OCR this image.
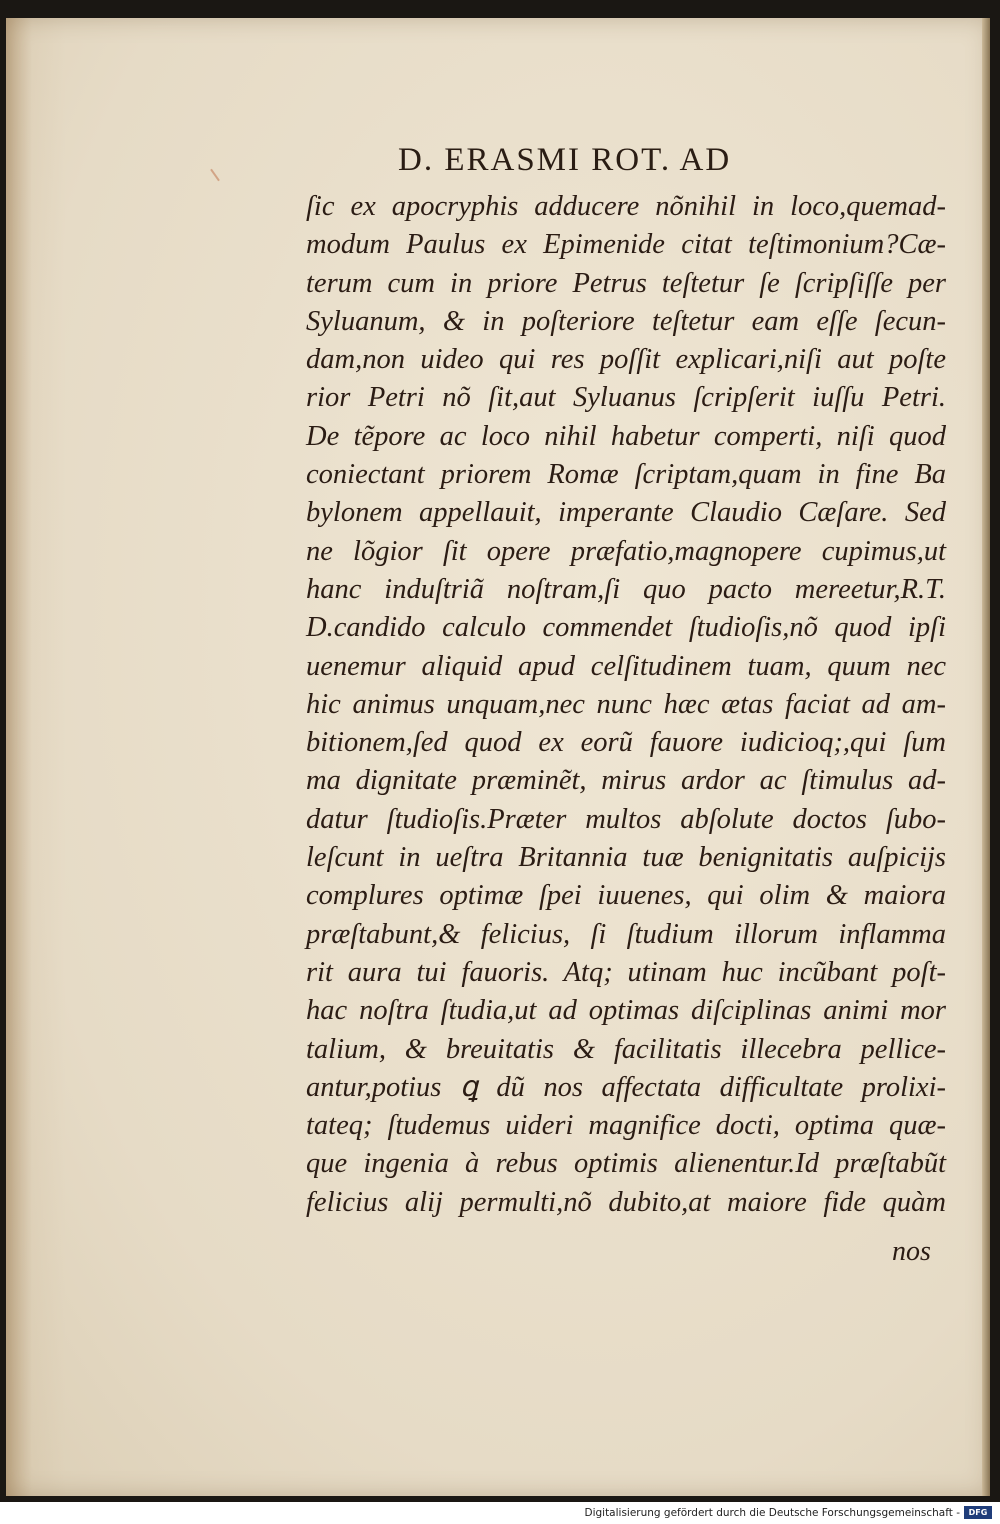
D. ERASMI ROT. AD
ſic ex apocryphis adducere nõnihil in loco,quemad-
modum Paulus ex Epimenide citat teſtimonium?Cæ-
terum cum in priore Petrus teſtetur ſe ſcripſiſſe per
Syluanum, & in poſteriore teſtetur eam eſſe ſecun-
dam,non uideo qui res poſſit explicari,niſi aut poſte
rior Petri nõ ſit,aut Syluanus ſcripſerit iuſſu Petri.
De tẽpore ac loco nihil habetur comperti, niſi quod
coniectant priorem Romæ ſcriptam,quam in fine Ba
bylonem appellauit, imperante Claudio Cæſare. Sed
ne lõgior ſit opere præfatio,magnopere cupimus,ut
hanc induſtriã noſtram,ſi quo pacto mereetur,R.T.
D.candido calculo commendet ſtudioſis,nõ quod ipſi
uenemur aliquid apud celſitudinem tuam, quum nec
hic animus unquam,nec nunc hæc ætas faciat ad am-
bitionem,ſed quod ex eorũ fauore iudicioq;,qui ſum
ma dignitate præminẽt, mirus ardor ac ſtimulus ad-
datur ſtudioſis.Præter multos abſolute doctos ſubo-
leſcunt in ueſtra Britannia tuæ benignitatis auſpicijs
complures optimæ ſpei iuuenes, qui olim & maiora
præſtabunt,& felicius, ſi ſtudium illorum inflamma
rit aura tui fauoris. Atq; utinam huc incũbant poſt-
hac noſtra ſtudia,ut ad optimas diſciplinas animi mor
talium, & breuitatis & facilitatis illecebra pellice-
antur,potius ꝗ dũ nos affectata difficultate prolixi-
tateq; ſtudemus uideri magnifice docti, optima quæ-
que ingenia à rebus optimis alienentur.Id præſtabũt
felicius alij permulti,nõ dubito,at maiore fide quàm
nos
Digitalisierung gefördert durch die Deutsche Forschungsgemeinschaft -	DFG
